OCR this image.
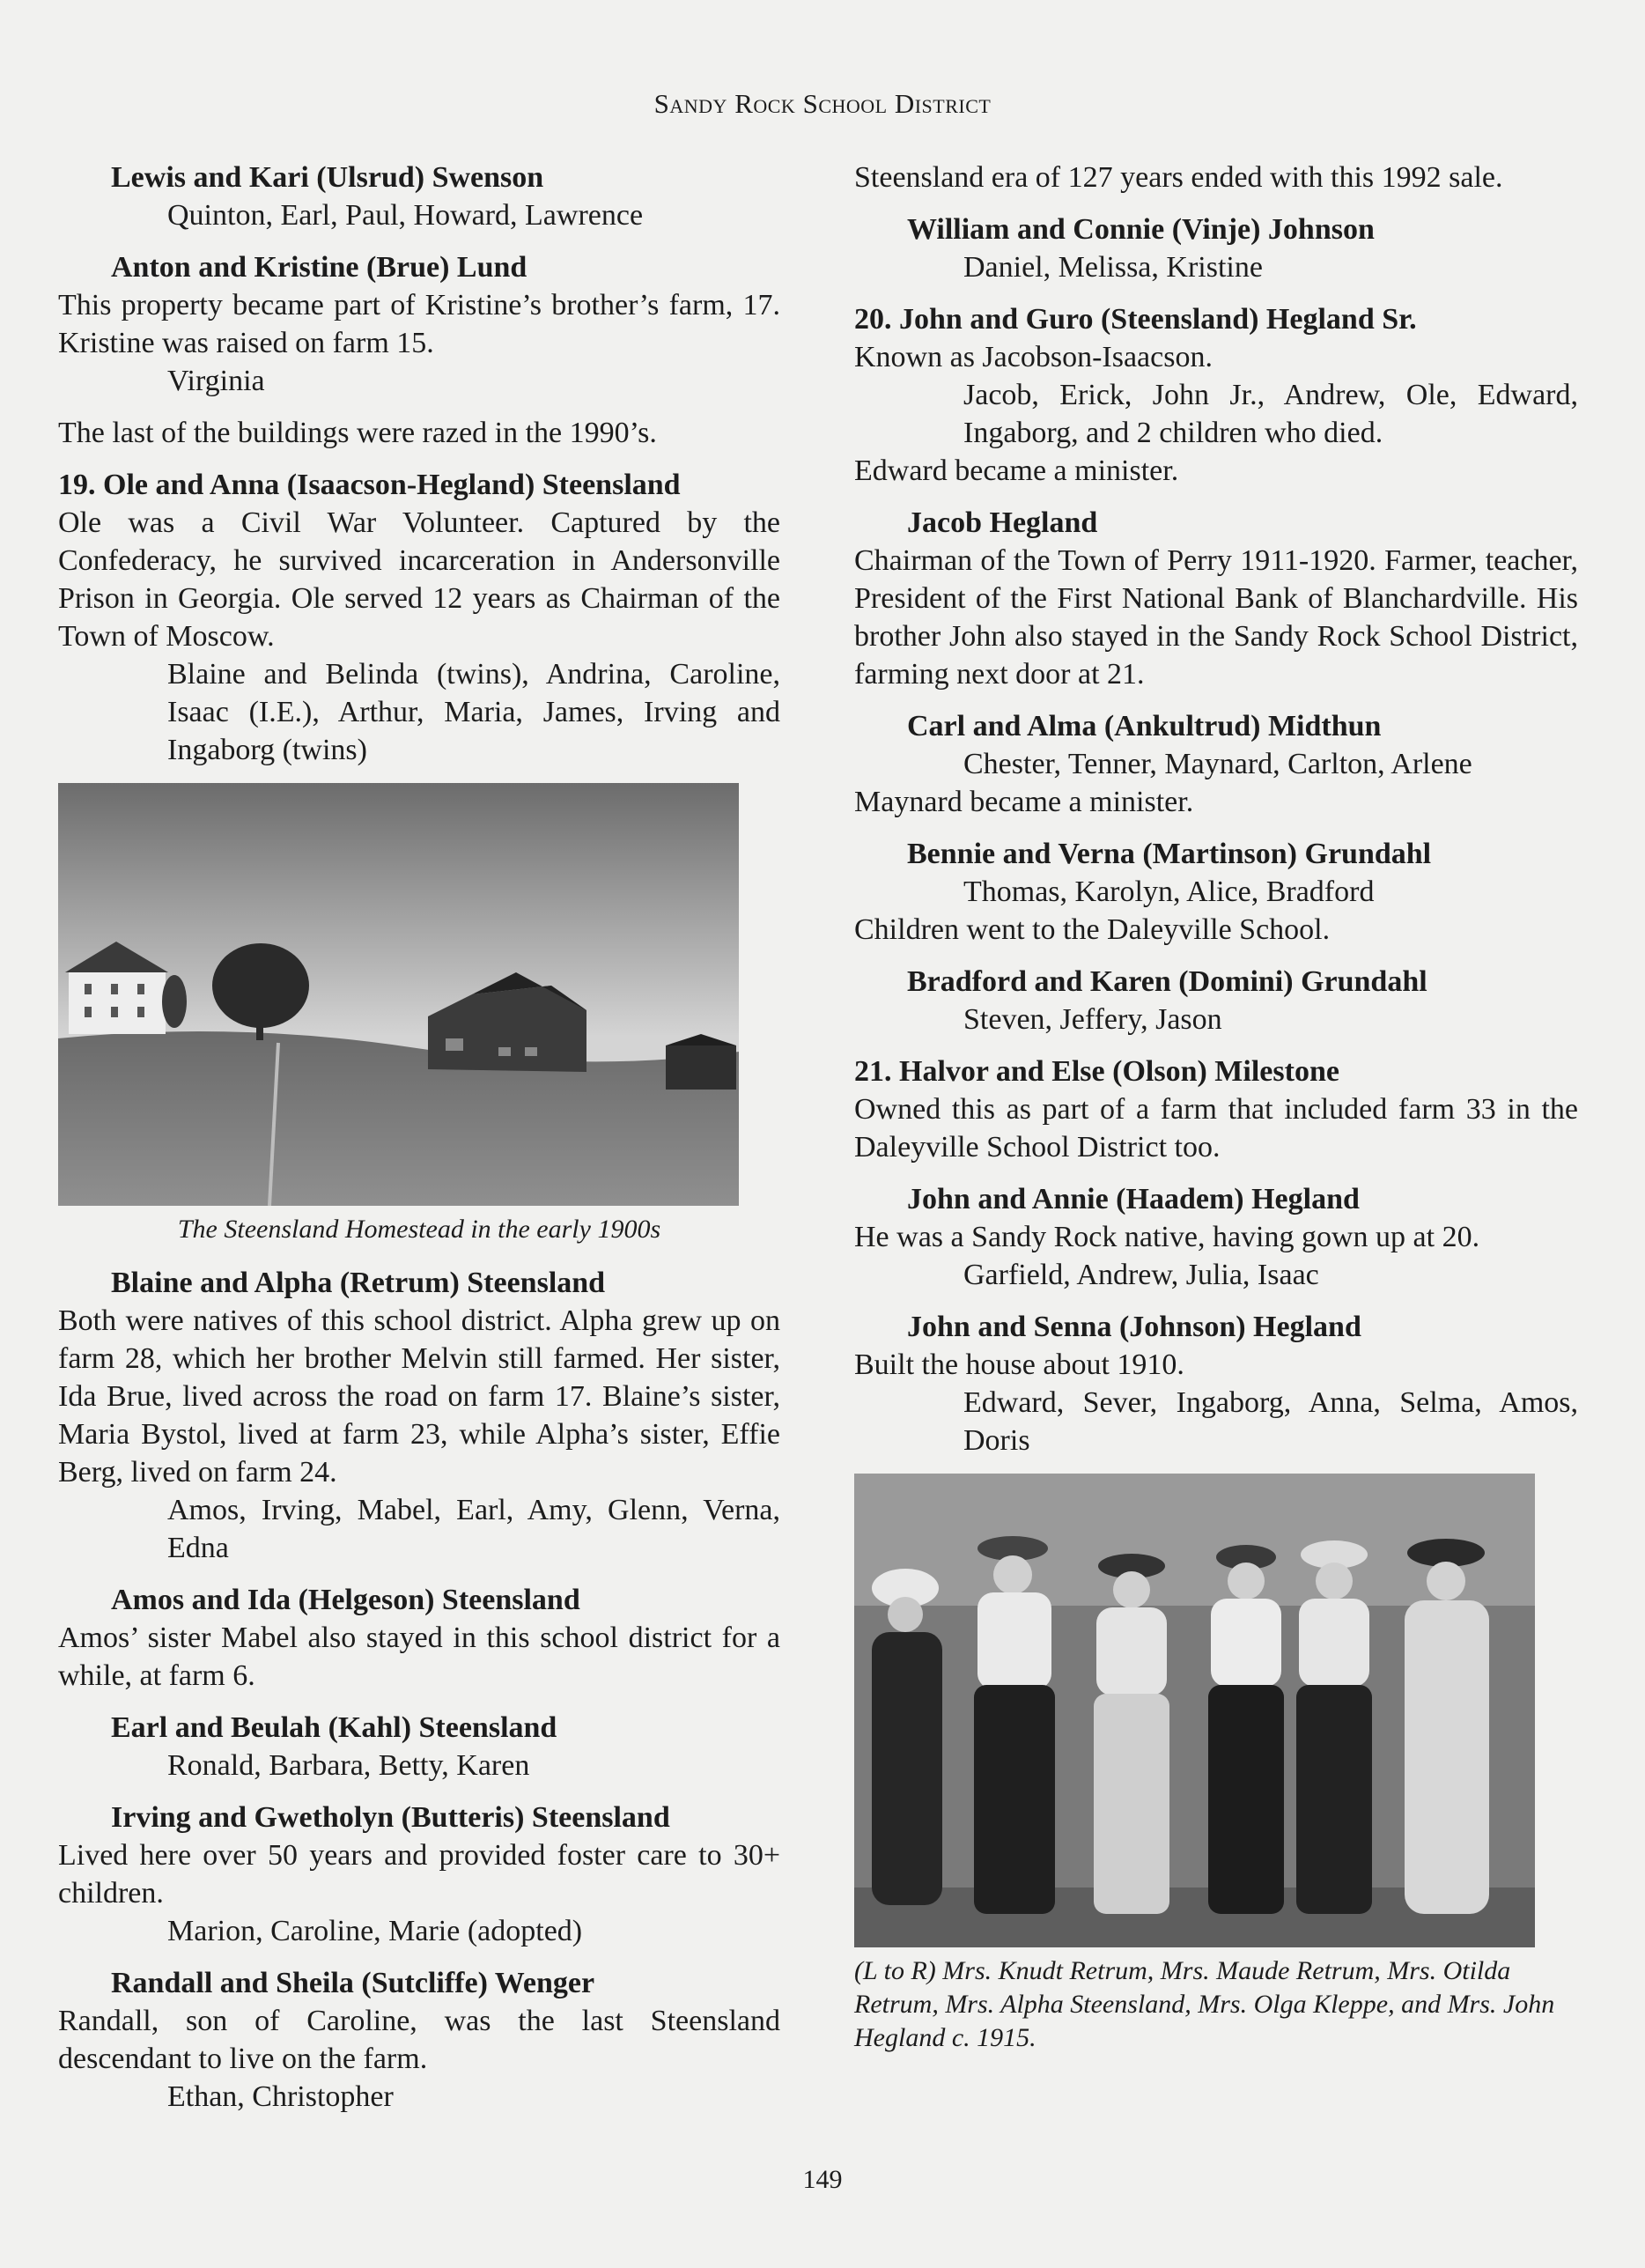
Sandy Rock School District
Lewis and Kari (Ulsrud) Swenson

Quinton, Earl, Paul, Howard, Lawrence

Anton and Kristine (Brue) Lund

This property became part of Kristine’s brother’s farm, 17. Kristine was raised on farm 15.

Virginia

The last of the buildings were razed in the 1990’s.

19. Ole and Anna (Isaacson-Hegland) Steensland

Ole was a Civil War Volunteer. Captured by the Confederacy, he survived incarceration in Andersonville Prison in Georgia. Ole served 12 years as Chairman of the Town of Moscow.

Blaine and Belinda (twins), Andrina, Caroline, Isaac (I.E.), Arthur, Maria, James, Irving and Ingaborg (twins)

The Steensland Homestead in the early 1900s

Blaine and Alpha (Retrum) Steensland

Both were natives of this school district. Alpha grew up on farm 28, which her brother Melvin still farmed. Her sister, Ida Brue, lived across the road on farm 17. Blaine’s sister, Maria Bystol, lived at farm 23, while Alpha’s sister, Effie Berg, lived on farm 24.

Amos, Irving, Mabel, Earl, Amy, Glenn, Verna, Edna

Amos and Ida (Helgeson) Steensland

Amos’ sister Mabel also stayed in this school district for a while, at farm 6.

Earl and Beulah (Kahl) Steensland

Ronald, Barbara, Betty, Karen

Irving and Gwetholyn (Butteris) Steensland

Lived here over 50 years and provided foster care to 30+ children.

Marion, Caroline, Marie (adopted)

Randall and Sheila (Sutcliffe) Wenger

Randall, son of Caroline, was the last Steensland descendant to live on the farm.

Ethan, Christopher

Steensland era of 127 years ended with this 1992 sale.

William and Connie (Vinje) Johnson

Daniel, Melissa, Kristine

20. John and Guro (Steensland) Hegland Sr.

Known as Jacobson-Isaacson.

Jacob, Erick, John Jr., Andrew, Ole, Edward, Ingaborg, and 2 children who died.

Edward became a minister.

Jacob Hegland

Chairman of the Town of Perry 1911-1920. Farmer, teacher, President of the First National Bank of Blanchardville. His brother John also stayed in the Sandy Rock School District, farming next door at 21.

Carl and Alma (Ankultrud) Midthun

Chester, Tenner, Maynard, Carlton, Arlene

Maynard became a minister.

Bennie and Verna (Martinson) Grundahl

Thomas, Karolyn, Alice, Bradford

Children went to the Daleyville School.

Bradford and Karen (Domini) Grundahl

Steven, Jeffery, Jason

21. Halvor and Else (Olson) Milestone

Owned this as part of a farm that included farm 33 in the Daleyville School District too.

John and Annie (Haadem) Hegland

He was a Sandy Rock native, having gown up at 20.

Garfield, Andrew, Julia, Isaac

John and Senna (Johnson) Hegland

Built the house about 1910.

Edward, Sever, Ingaborg, Anna, Selma, Amos, Doris

(L to R) Mrs. Knudt Retrum, Mrs. Maude Retrum, Mrs. Otilda Retrum, Mrs. Alpha Steensland, Mrs. Olga Kleppe, and Mrs. John Hegland c. 1915.

149
